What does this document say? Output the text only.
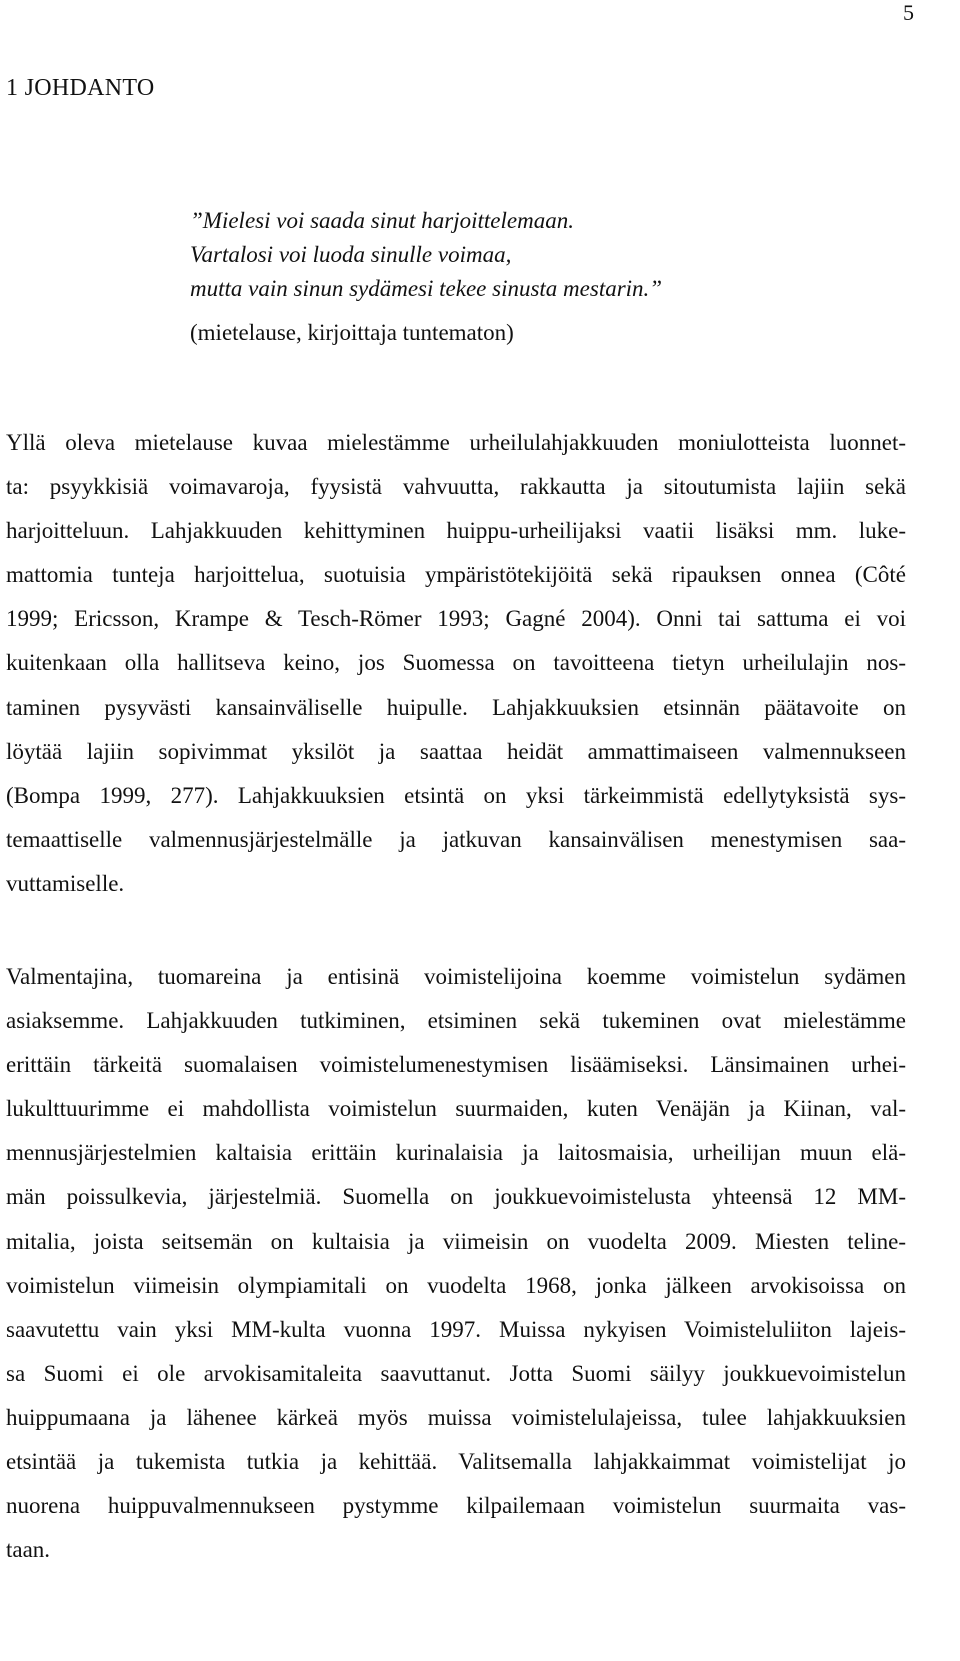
5
1 JOHDANTO
”Mielesi voi saada sinut harjoittelemaan.
Vartalosi voi luoda sinulle voimaa,
mutta vain sinun sydämesi tekee sinusta mestarin.”
(mietelause, kirjoittaja tuntematon)
Yllä oleva mietelause kuvaa mielestämme urheilulahjakkuuden moniulotteista luonnet-
ta: psyykkisiä voimavaroja, fyysistä vahvuutta, rakkautta ja sitoutumista lajiin sekä
harjoitteluun. Lahjakkuuden kehittyminen huippu-urheilijaksi vaatii lisäksi mm. luke-
mattomia tunteja harjoittelua, suotuisia ympäristötekijöitä sekä ripauksen onnea (Côté
1999; Ericsson, Krampe & Tesch-Römer 1993; Gagné 2004). Onni tai sattuma ei voi
kuitenkaan olla hallitseva keino, jos Suomessa on tavoitteena tietyn urheilulajin nos-
taminen pysyvästi kansainväliselle huipulle. Lahjakkuuksien etsinnän päätavoite on
löytää lajiin sopivimmat yksilöt ja saattaa heidät ammattimaiseen valmennukseen
(Bompa 1999, 277). Lahjakkuuksien etsintä on yksi tärkeimmistä edellytyksistä sys-
temaattiselle valmennusjärjestelmälle ja jatkuvan kansainvälisen menestymisen saa-
vuttamiselle.
Valmentajina, tuomareina ja entisinä voimistelijoina koemme voimistelun sydämen
asiaksemme. Lahjakkuuden tutkiminen, etsiminen sekä tukeminen ovat mielestämme
erittäin tärkeitä suomalaisen voimistelumenestymisen lisäämiseksi. Länsimainen urhei-
lukulttuurimme ei mahdollista voimistelun suurmaiden, kuten Venäjän ja Kiinan, val-
mennusjärjestelmien kaltaisia erittäin kurinalaisia ja laitosmaisia, urheilijan muun elä-
män poissulkevia, järjestelmiä. Suomella on joukkuevoimistelusta yhteensä 12 MM-
mitalia, joista seitsemän on kultaisia ja viimeisin on vuodelta 2009. Miesten teline-
voimistelun viimeisin olympiamitali on vuodelta 1968, jonka jälkeen arvokisoissa on
saavutettu vain yksi MM-kulta vuonna 1997. Muissa nykyisen Voimisteluliiton lajeis-
sa Suomi ei ole arvokisamitaleita saavuttanut. Jotta Suomi säilyy joukkuevoimistelun
huippumaana ja lähenee kärkeä myös muissa voimistelulajeissa, tulee lahjakkuuksien
etsintää ja tukemista tutkia ja kehittää. Valitsemalla lahjakkaimmat voimistelijat jo
nuorena huippuvalmennukseen pystymme kilpailemaan voimistelun suurmaita vas-
taan.
